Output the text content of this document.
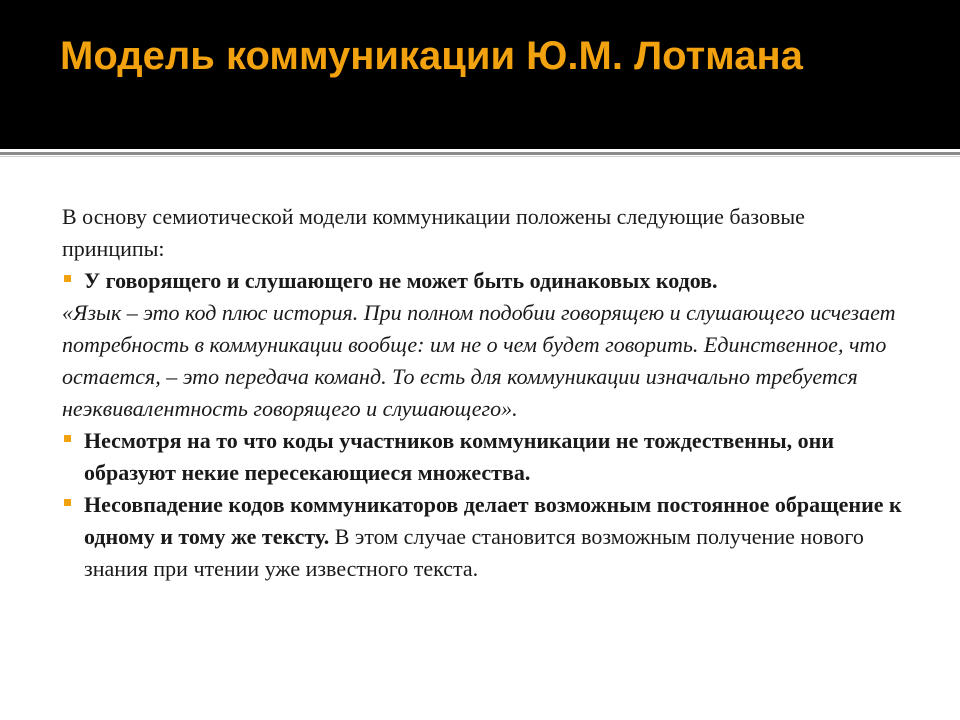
Модель коммуникации Ю.М. Лотмана

В основу семиотической модели коммуникации положены следующие базовые принципы:

У говорящего и слушающего не может быть одинаковых кодов.

«Язык – это код плюс история. При полном подобии говорящею и слушающего исчезает потребность в коммуникации вообще: им не о чем будет говорить. Единственное, что остается, – это передача команд. То есть для коммуникации изначально требуется неэквивалентность говорящего и слушающего».

Несмотря на то что коды участников коммуникации не тождественны, они образуют некие пересекающиеся множества.

Несовпадение кодов коммуникаторов делает возможным постоянное обращение к одному и тому же тексту. В этом случае становится возможным получение нового знания при чтении уже известного текста.
